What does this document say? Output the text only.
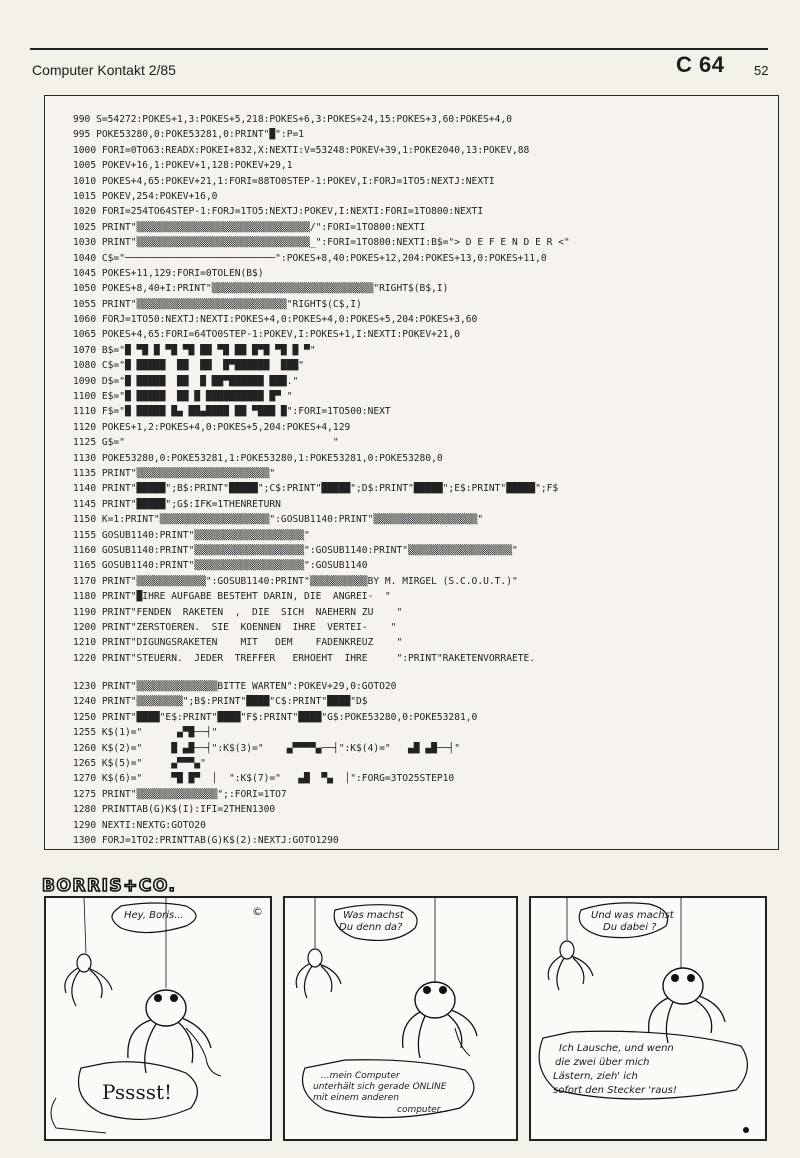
Computer Kontakt 2/85	C 64 52
990 S=54272:POKES+1,3:POKES+5,218:POKES+6,3:POKES+24,15:POKES+3,60:POKES+4,0
995 POKE53280,0:POKE53281,0:PRINT"█":P=1
1000 FORI=0TO63:READX:POKEI+832,X:NEXTI:V=53248:POKEV+39,1:POKE2040,13:POKEV,88
1005 POKEV+16,1:POKEV+1,128:POKEV+29,1
1010 POKES+4,65:POKEV+21,1:FORI=88TO0STEP-1:POKEV,I:FORJ=1TO5:NEXTJ:NEXTI
1015 POKEV,254:POKEV+16,0
1020 FORI=254TO64STEP-1:FORJ=1TO5:NEXTJ:POKEV,I:NEXTI:FORI=1TO800:NEXTI
1025 PRINT"▒▒▒▒▒▒▒▒▒▒▒▒▒▒▒▒▒▒▒▒▒▒▒▒▒▒▒▒▒▒/":FORI=1TO800:NEXTI
1030 PRINT"▒▒▒▒▒▒▒▒▒▒▒▒▒▒▒▒▒▒▒▒▒▒▒▒▒▒▒▒▒▒_":FORI=1TO800:NEXTI:B$="> D E F E N D E R <"
1040 C$="──────────────────────────":POKES+8,40:POKES+12,204:POKES+13,0:POKES+11,0
1045 POKES+11,129:FORI=0TOLEN(B$)
1050 POKES+8,40+I:PRINT"▒▒▒▒▒▒▒▒▒▒▒▒▒▒▒▒▒▒▒▒▒▒▒▒▒▒▒▒"RIGHT$(B$,I)
1055 PRINT"▒▒▒▒▒▒▒▒▒▒▒▒▒▒▒▒▒▒▒▒▒▒▒▒▒▒"RIGHT$(C$,I)
1060 FORJ=1TO50:NEXTJ:NEXTI:POKES+4,0:POKES+4,0:POKES+5,204:POKES+3,60
1065 POKES+4,65:FORI=64TO0STEP-1:POKEV,I:POKES+1,I:NEXTI:POKEV+21,0
1070 B$="█ ▀█ █ ▀█ ▀█ ██ ▀█ ██ █▀█ ▀█ █ ▀"
1080 C$="█ █████  ██  ██  █▀██████  ███"
1090 D$="█ █████  ██  █ ██▀██████ ███."
1100 E$="█ █████  ██ █ ██████████ █▀ "
1110 F$="█ █████ █▄ ██▄████ ██ ▀███ █":FORI=1TO500:NEXT
1120 POKES+1,2:POKES+4,0:POKES+5,204:POKES+4,129
1125 G$="                                    "
1130 POKE53280,0:POKE53281,1:POKE53280,1:POKE53281,0:POKE53280,0
1135 PRINT"▒▒▒▒▒▒▒▒▒▒▒▒▒▒▒▒▒▒▒▒▒▒▒"
1140 PRINT"█████";B$:PRINT"█████";C$:PRINT"█████";D$:PRINT"█████";E$:PRINT"█████";F$
1145 PRINT"█████";G$:IFK=1THENRETURN
1150 K=1:PRINT"▒▒▒▒▒▒▒▒▒▒▒▒▒▒▒▒▒▒▒":GOSUB1140:PRINT"▒▒▒▒▒▒▒▒▒▒▒▒▒▒▒▒▒▒"
1155 GOSUB1140:PRINT"▒▒▒▒▒▒▒▒▒▒▒▒▒▒▒▒▒▒▒"
1160 GOSUB1140:PRINT"▒▒▒▒▒▒▒▒▒▒▒▒▒▒▒▒▒▒▒":GOSUB1140:PRINT"▒▒▒▒▒▒▒▒▒▒▒▒▒▒▒▒▒▒"
1165 GOSUB1140:PRINT"▒▒▒▒▒▒▒▒▒▒▒▒▒▒▒▒▒▒▒":GOSUB1140
1170 PRINT"▒▒▒▒▒▒▒▒▒▒▒▒":GOSUB1140:PRINT"▒▒▒▒▒▒▒▒▒▒BY M. MIRGEL (S.C.O.U.T.)"
1180 PRINT"█IHRE AUFGABE BESTEHT DARIN, DIE  ANGREI-  "
1190 PRINT"FENDEN  RAKETEN  ,  DIE  SICH  NAEHERN ZU    "
1200 PRINT"ZERSTOEREN.  SIE  KOENNEN  IHRE  VERTEI-    "
1210 PRINT"DIGUNGSRAKETEN    MIT   DEM    FADENKREUZ    "
1220 PRINT"STEUERN.  JEDER  TREFFER   ERHOEHT  IHRE     ":PRINT"RAKETENVORRAETE.
1230 PRINT"▒▒▒▒▒▒▒▒▒▒▒▒▒▒BITTE WARTEN":POKEV+29,0:GOTO20
1240 PRINT"▒▒▒▒▒▒▒▒";B$:PRINT"████"C$:PRINT"████"D$
1250 PRINT"████"E$:PRINT"████"F$:PRINT"████"G$:POKE53280,0:POKE53281,0
1255 K$(1)="      ▄▀█──┤"
1260 K$(2)="     █ ▄█──┤":K$(3)="    ▄▀▀▀▀▄──┤":K$(4)="   ▄█ ▄█──┤"
1265 K$(5)="     ▄▀▀▀▄"
1270 K$(6)="     ▀█ █▀  │  ":K$(7)="   ▄█  ▀▄  │":FORG=3TO25STEP10
1275 PRINT"▒▒▒▒▒▒▒▒▒▒▒▒▒▒";:FORI=1TO7
1280 PRINTTAB(G)K$(I):IFI=2THEN1300
1290 NEXTI:NEXTG:GOTO20
1300 FORJ=1TO2:PRINTTAB(G)K$(2):NEXTJ:GOTO1290
BORRIS+CO.
Hey, Boris...
Psssst!
©	Was machst
Du denn da?
...mein Computer
unterhält sich gerade ONLINE
mit einem anderen
computer...
Und was machst
Du dabei ?
Ich Lausche, und wenn
die zwei über mich
Lästern, zieh' ich
sofort den Stecker 'raus!
